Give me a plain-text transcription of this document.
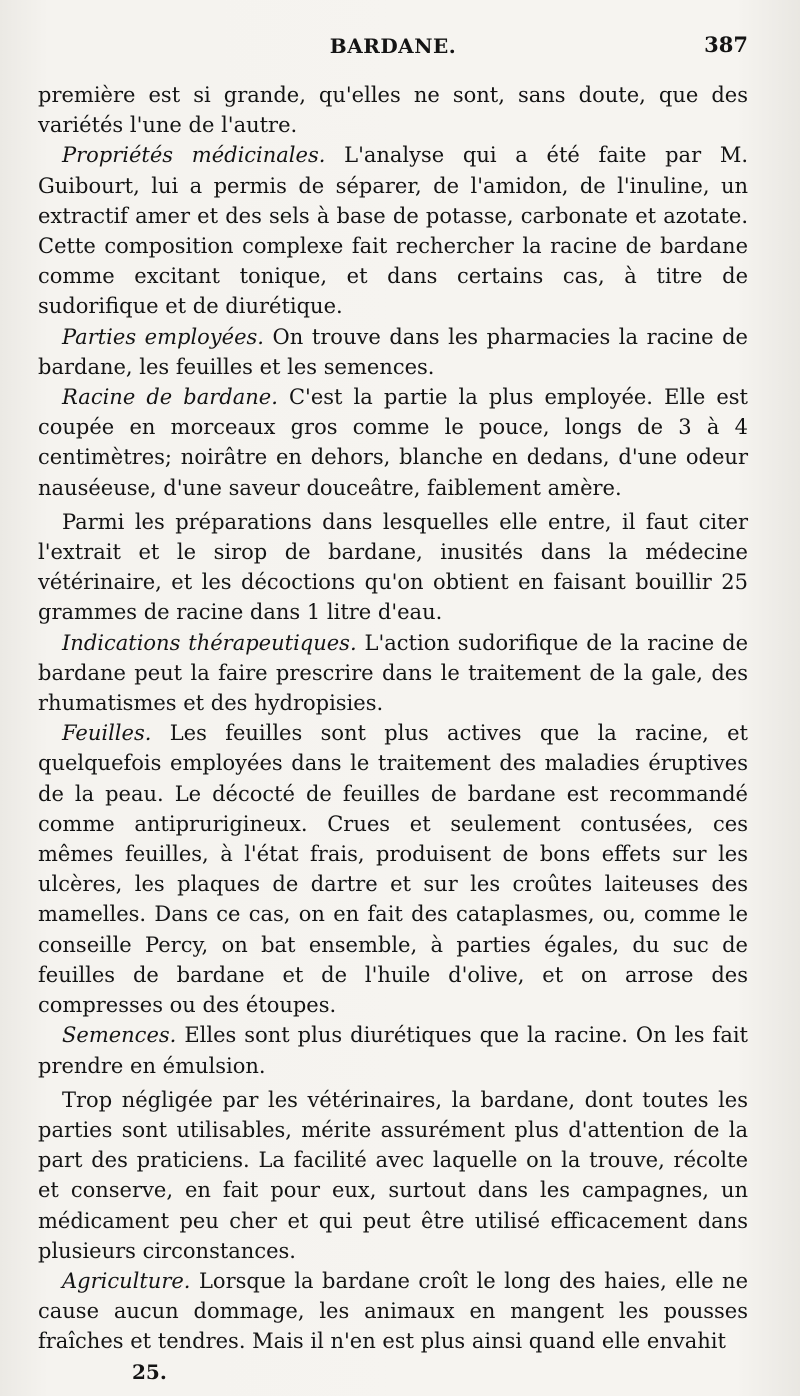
BARDANE.	387

première est si grande, qu'elles ne sont, sans doute, que des variétés l'une de l'autre.

Propriétés médicinales. L'analyse qui a été faite par M. Guibourt, lui a permis de séparer, de l'amidon, de l'inuline, un extractif amer et des sels à base de potasse, carbonate et azotate. Cette composition complexe fait rechercher la racine de bardane comme excitant tonique, et dans certains cas, à titre de sudorifique et de diurétique.

Parties employées. On trouve dans les pharmacies la racine de bardane, les feuilles et les semences.

Racine de bardane. C'est la partie la plus employée. Elle est coupée en morceaux gros comme le pouce, longs de 3 à 4 centimètres; noirâtre en dehors, blanche en dedans, d'une odeur nauséeuse, d'une saveur douceâtre, faiblement amère.

Parmi les préparations dans lesquelles elle entre, il faut citer l'extrait et le sirop de bardane, inusités dans la médecine vétérinaire, et les décoctions qu'on obtient en faisant bouillir 25 grammes de racine dans 1 litre d'eau.

Indications thérapeutiques. L'action sudorifique de la racine de bardane peut la faire prescrire dans le traitement de la gale, des rhumatismes et des hydropisies.

Feuilles. Les feuilles sont plus actives que la racine, et quelquefois employées dans le traitement des maladies éruptives de la peau. Le décocté de feuilles de bardane est recommandé comme antiprurigineux. Crues et seulement contusées, ces mêmes feuilles, à l'état frais, produisent de bons effets sur les ulcères, les plaques de dartre et sur les croûtes laiteuses des mamelles. Dans ce cas, on en fait des cataplasmes, ou, comme le conseille Percy, on bat ensemble, à parties égales, du suc de feuilles de bardane et de l'huile d'olive, et on arrose des compresses ou des étoupes.

Semences. Elles sont plus diurétiques que la racine. On les fait prendre en émulsion.

Trop négligée par les vétérinaires, la bardane, dont toutes les parties sont utilisables, mérite assurément plus d'attention de la part des praticiens. La facilité avec laquelle on la trouve, récolte et conserve, en fait pour eux, surtout dans les campagnes, un médicament peu cher et qui peut être utilisé efficacement dans plusieurs circonstances.

Agriculture. Lorsque la bardane croît le long des haies, elle ne cause aucun dommage, les animaux en mangent les pousses fraîches et tendres. Mais il n'en est plus ainsi quand elle envahit

25.
